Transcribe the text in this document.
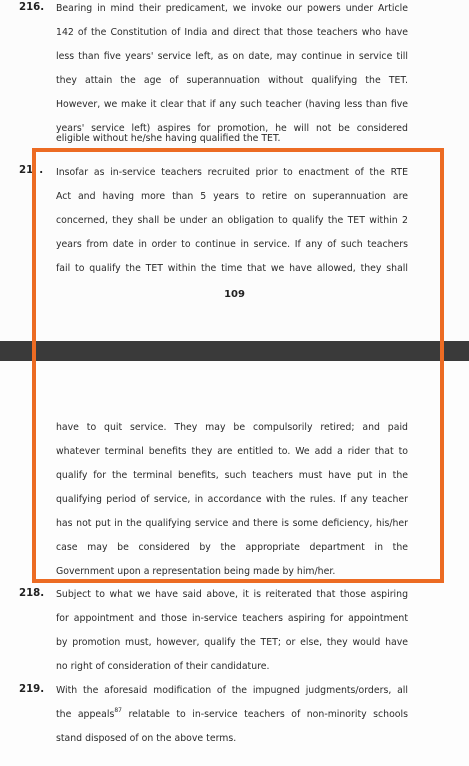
216. Bearing in mind their predicament, we invoke our powers under Article
142 of the Constitution of India and direct that those teachers who have
less than five years' service left, as on date, may continue in service till
they attain the age of superannuation without qualifying the TET.
However, we make it clear that if any such teacher (having less than five
years' service left) aspires for promotion, he will not be considered
eligible without he/she having qualified the TET.
21 . Insofar as in-service teachers recruited prior to enactment of the RTE
Act and having more than 5 years to retire on superannuation are
concerned, they shall be under an obligation to qualify the TET within 2
years from date in order to continue in service. If any of such teachers
fail to qualify the TET within the time that we have allowed, they shall
109
have to quit service. They may be compulsorily retired; and paid
whatever terminal benefits they are entitled to. We add a rider that to
qualify for the terminal benefits, such teachers must have put in the
qualifying period of service, in accordance with the rules. If any teacher
has not put in the qualifying service and there is some deficiency, his/her
case may be considered by the appropriate department in the
Government upon a representation being made by him/her.
218. Subject to what we have said above, it is reiterated that those aspiring
for appointment and those in-service teachers aspiring for appointment
by promotion must, however, qualify the TET; or else, they would have
no right of consideration of their candidature.
219. With the aforesaid modification of the impugned judgments/orders, all
the appeals$^{87}$ relatable to in-service teachers of non-minority schools
stand disposed of on the above terms.
